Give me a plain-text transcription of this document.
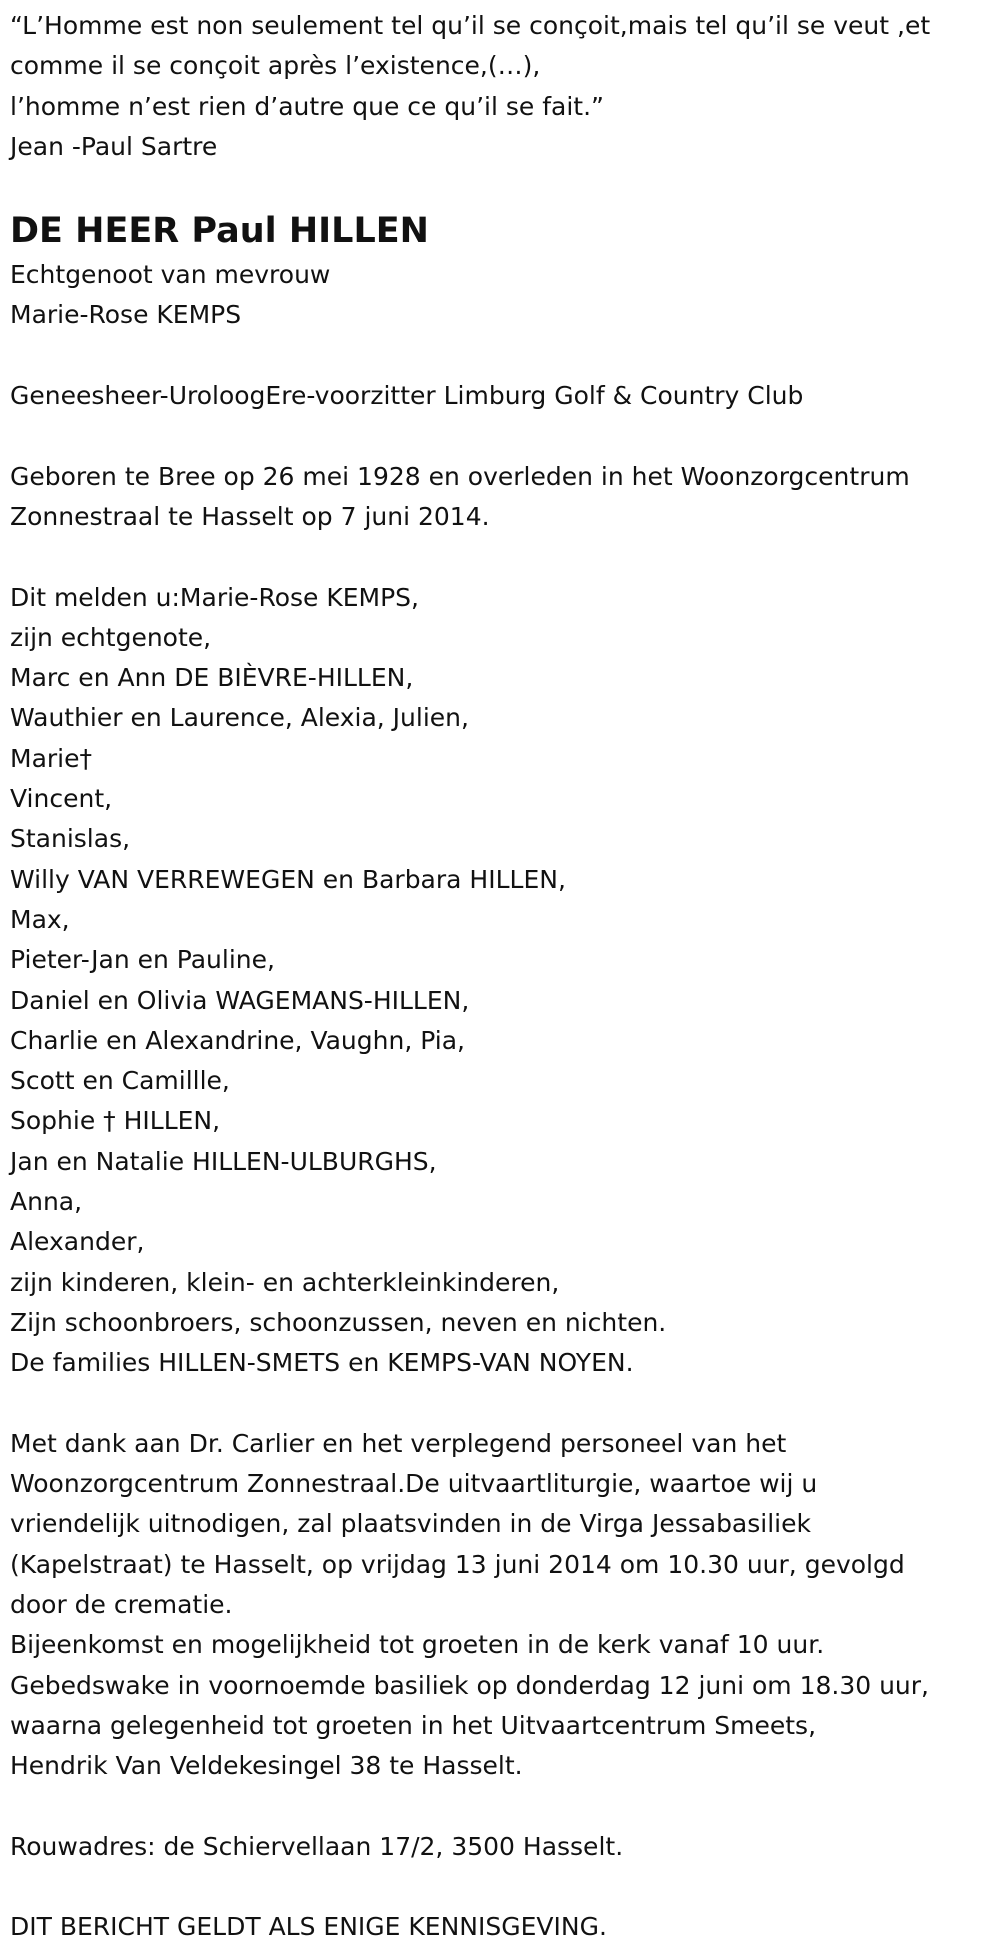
“L’Homme est non seulement tel qu’il se conçoit,mais tel qu’il se veut ,et

comme il se conçoit après l’existence,(…),

l’homme n’est rien d’autre que ce qu’il se fait.”

Jean -Paul Sartre

DE HEER Paul HILLEN

Echtgenoot van mevrouw

Marie-Rose KEMPS

Geneesheer-UroloogEre-voorzitter Limburg Golf & Country Club

Geboren te Bree op 26 mei 1928 en overleden in het Woonzorgcentrum

Zonnestraal te Hasselt op 7 juni 2014.

Dit melden u:Marie-Rose KEMPS,

zijn echtgenote,

Marc en Ann DE BIÈVRE-HILLEN,

Wauthier en Laurence, Alexia, Julien,

Marie†

Vincent,

Stanislas,

Willy VAN VERREWEGEN en Barbara HILLEN,

Max,

Pieter-Jan en Pauline,

Daniel en Olivia WAGEMANS-HILLEN,

Charlie en Alexandrine, Vaughn, Pia,

Scott en Camillle,

Sophie † HILLEN,

Jan en Natalie HILLEN-ULBURGHS,

Anna,

Alexander,

zijn kinderen, klein- en achterkleinkinderen,

Zijn schoonbroers, schoonzussen, neven en nichten.

De families HILLEN-SMETS en KEMPS-VAN NOYEN.

Met dank aan Dr. Carlier en het verplegend personeel van het

Woonzorgcentrum Zonnestraal.De uitvaartliturgie, waartoe wij u

vriendelijk uitnodigen, zal plaatsvinden in de Virga Jessabasiliek

(Kapelstraat) te Hasselt, op vrijdag 13 juni 2014 om 10.30 uur, gevolgd

door de crematie.

Bijeenkomst en mogelijkheid tot groeten in de kerk vanaf 10 uur.

Gebedswake in voornoemde basiliek op donderdag 12 juni om 18.30 uur,

waarna gelegenheid tot groeten in het Uitvaartcentrum Smeets,

Hendrik Van Veldekesingel 38 te Hasselt.

Rouwadres: de Schiervellaan 17/2, 3500 Hasselt.

DIT BERICHT GELDT ALS ENIGE KENNISGEVING.
